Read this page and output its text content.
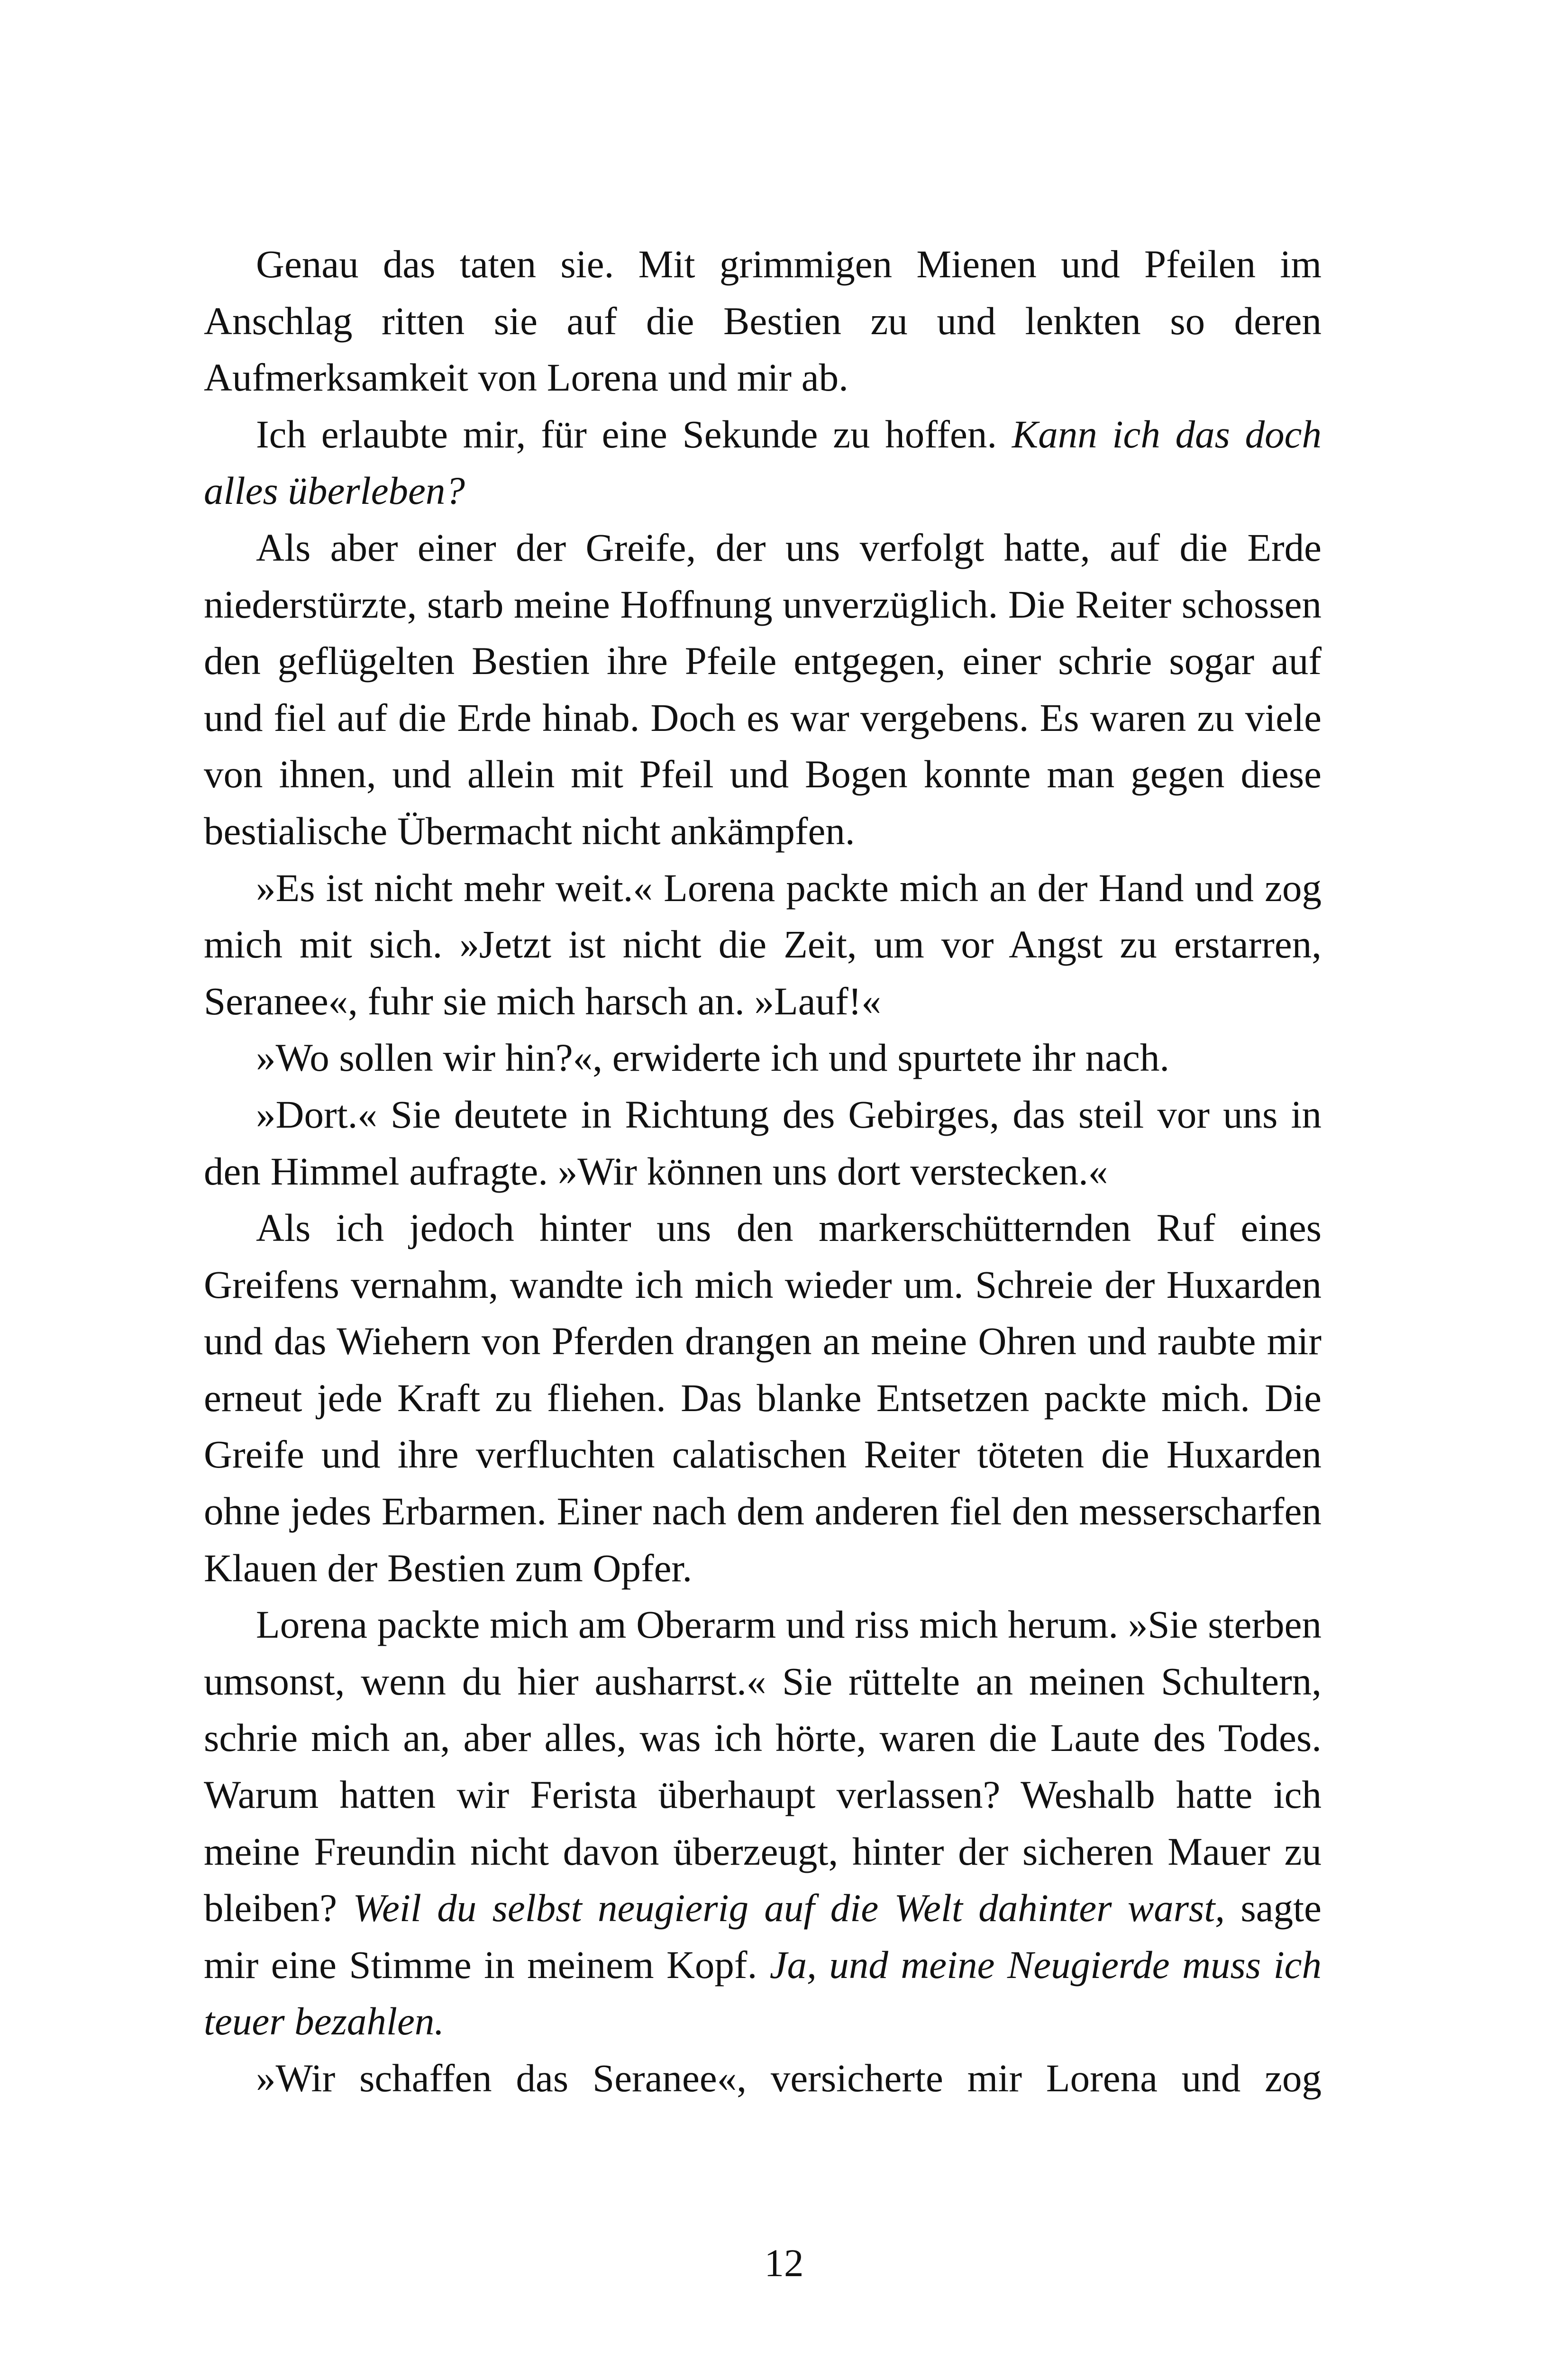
Genau das taten sie. Mit grimmigen Mienen und Pfeilen im Anschlag ritten sie auf die Bestien zu und lenkten so deren Aufmerksamkeit von Lorena und mir ab.

Ich erlaubte mir, für eine Sekunde zu hoffen. Kann ich das doch alles überleben?

Als aber einer der Greife, der uns verfolgt hatte, auf die Erde niederstürzte, starb meine Hoffnung unverzüglich. Die Reiter schossen den geflügelten Bestien ihre Pfeile entgegen, einer schrie sogar auf und fiel auf die Erde hinab. Doch es war vergebens. Es waren zu viele von ihnen, und allein mit Pfeil und Bogen konnte man gegen diese bestialische Übermacht nicht ankämpfen.

»Es ist nicht mehr weit.« Lorena packte mich an der Hand und zog mich mit sich. »Jetzt ist nicht die Zeit, um vor Angst zu erstarren, Seranee«, fuhr sie mich harsch an. »Lauf!«

»Wo sollen wir hin?«, erwiderte ich und spurtete ihr nach.

»Dort.« Sie deutete in Richtung des Gebirges, das steil vor uns in den Himmel aufragte. »Wir können uns dort verstecken.«

Als ich jedoch hinter uns den markerschütternden Ruf eines Greifens vernahm, wandte ich mich wieder um. Schreie der Huxarden und das Wiehern von Pferden drangen an meine Ohren und raubte mir erneut jede Kraft zu fliehen. Das blanke Entsetzen packte mich. Die Greife und ihre verfluchten calatischen Reiter töteten die Huxarden ohne jedes Erbarmen. Einer nach dem anderen fiel den messerscharfen Klauen der Bestien zum Opfer.

Lorena packte mich am Oberarm und riss mich herum. »Sie sterben umsonst, wenn du hier ausharrst.« Sie rüttelte an meinen Schultern, schrie mich an, aber alles, was ich hörte, waren die Laute des Todes. Warum hatten wir Ferista überhaupt verlassen? Weshalb hatte ich meine Freundin nicht davon überzeugt, hinter der sicheren Mauer zu bleiben? Weil du selbst neugierig auf die Welt dahinter warst, sagte mir eine Stimme in meinem Kopf. Ja, und meine Neugierde muss ich teuer bezahlen.

»Wir schaffen das Seranee«, versicherte mir Lorena und zog

12
